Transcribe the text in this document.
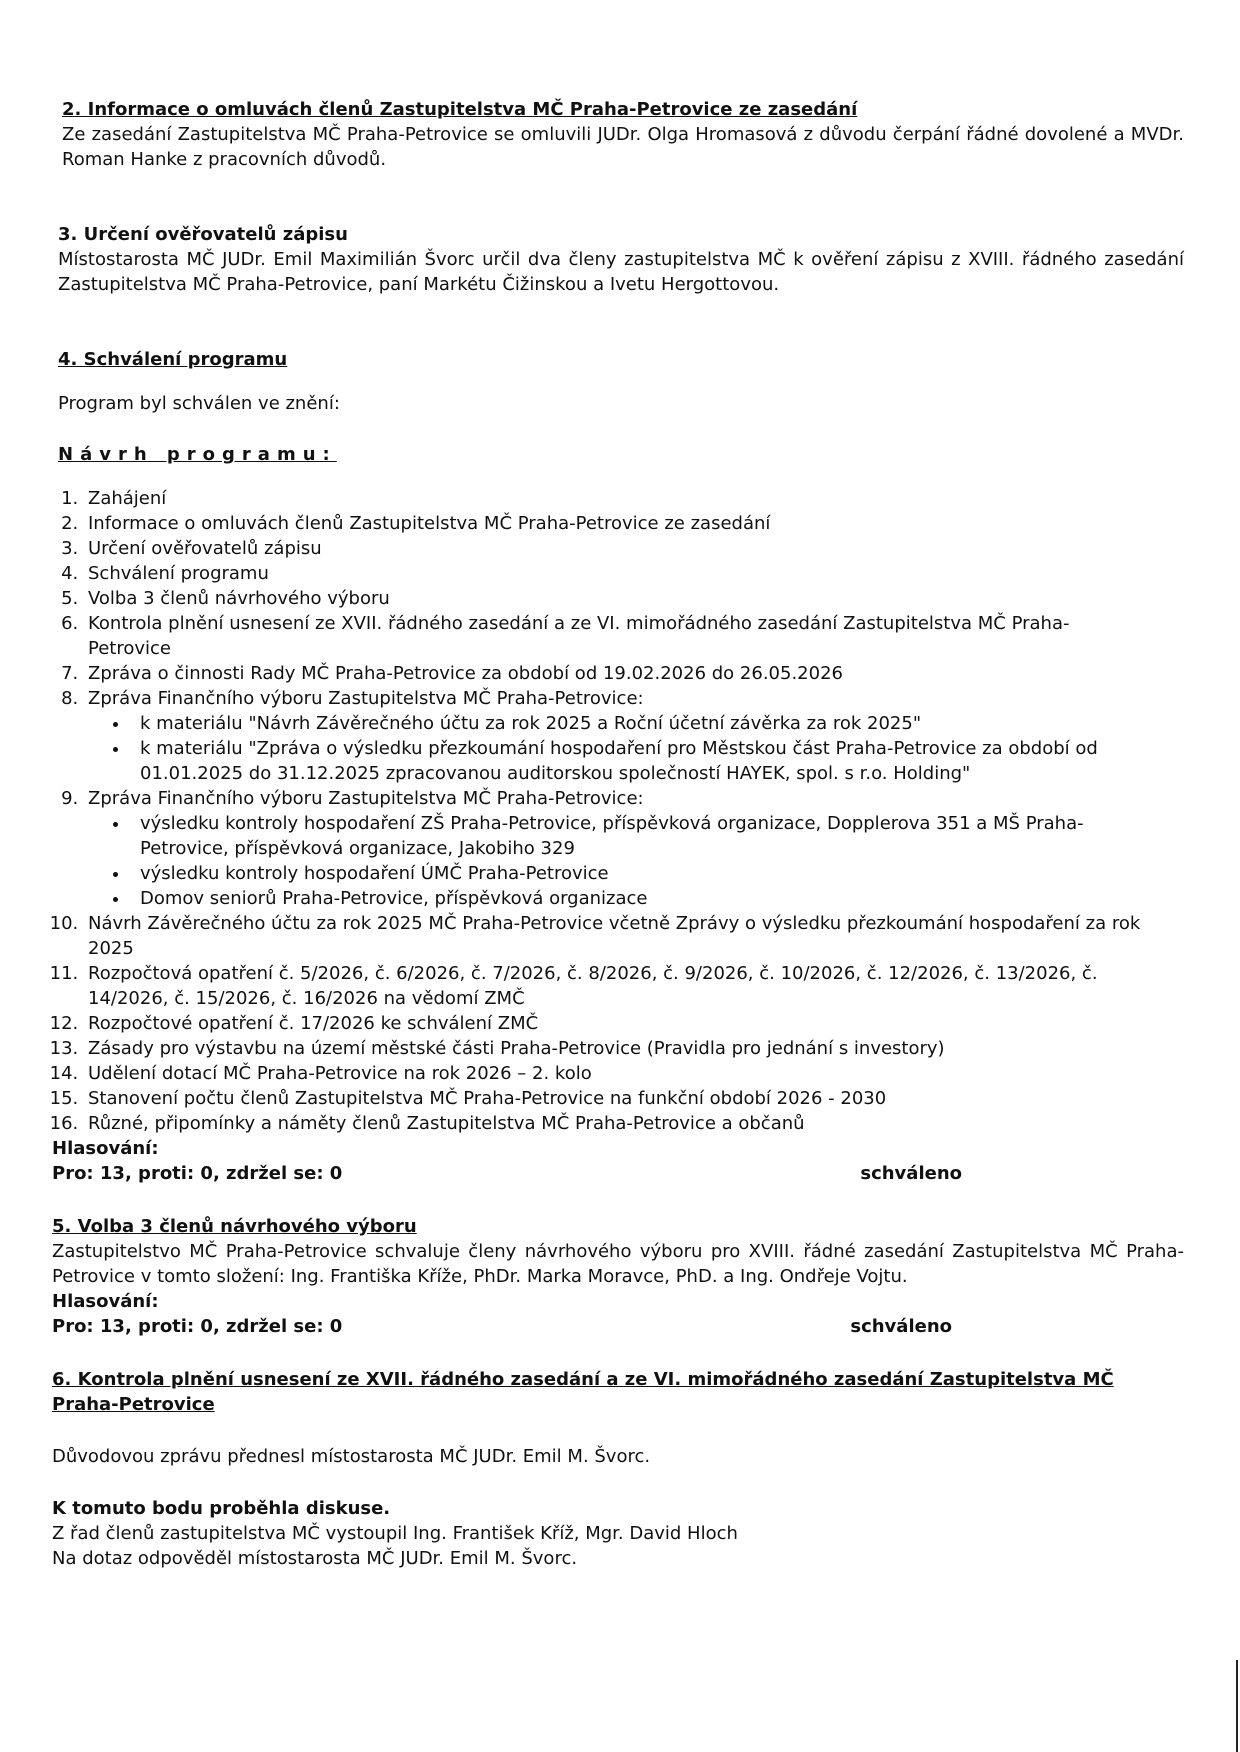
2. Informace o omluvách členů Zastupitelstva MČ Praha-Petrovice ze zasedání
Ze zasedání Zastupitelstva MČ Praha-Petrovice se omluvili JUDr. Olga Hromasová z důvodu čerpání řádné dovolené a MVDr. Roman Hanke z pracovních důvodů.
3. Určení ověřovatelů zápisu
Místostarosta MČ JUDr. Emil Maximilián Švorc určil dva členy zastupitelstva MČ k ověření zápisu z XVIII. řádného zasedání Zastupitelstva MČ Praha-Petrovice, paní Markétu Čižinskou a Ivetu Hergottovou.
4. Schválení programu
Program byl schválen ve znění:
Návrh programu:
1. Zahájení
2. Informace o omluvách členů Zastupitelstva MČ Praha-Petrovice ze zasedání
3. Určení ověřovatelů zápisu
4. Schválení programu
5. Volba 3 členů návrhového výboru
6. Kontrola plnění usnesení ze XVII. řádného zasedání a ze VI. mimořádného zasedání Zastupitelstva MČ Praha-Petrovice
7. Zpráva o činnosti Rady MČ Praha-Petrovice za období od 19.02.2026 do 26.05.2026
8. Zpráva Finančního výboru Zastupitelstva MČ Praha-Petrovice:
• k materiálu "Návrh Závěrečného účtu za rok 2025 a Roční účetní závěrka za rok 2025"
• k materiálu "Zpráva o výsledku přezkoumání hospodaření pro Městskou část Praha-Petrovice za období od 01.01.2025 do 31.12.2025 zpracovanou auditorskou společností HAYEK, spol. s r.o. Holding"
9. Zpráva Finančního výboru Zastupitelstva MČ Praha-Petrovice:
• výsledku kontroly hospodaření ZŠ Praha-Petrovice, příspěvková organizace, Dopplerova 351 a MŠ Praha-Petrovice, příspěvková organizace, Jakobiho 329
• výsledku kontroly hospodaření ÚMČ Praha-Petrovice
• Domov seniorů Praha-Petrovice, příspěvková organizace
10. Návrh Závěrečného účtu za rok 2025 MČ Praha-Petrovice včetně Zprávy o výsledku přezkoumání hospodaření za rok 2025
11. Rozpočtová opatření č. 5/2026, č. 6/2026, č. 7/2026, č. 8/2026, č. 9/2026, č. 10/2026, č. 12/2026, č. 13/2026, č. 14/2026, č. 15/2026, č. 16/2026 na vědomí ZMČ
12. Rozpočtové opatření č. 17/2026 ke schválení ZMČ
13. Zásady pro výstavbu na území městské části Praha-Petrovice (Pravidla pro jednání s investory)
14. Udělení dotací MČ Praha-Petrovice na rok 2026 – 2. kolo
15. Stanovení počtu členů Zastupitelstva MČ Praha-Petrovice na funkční období 2026 - 2030
16. Různé, připomínky a náměty členů Zastupitelstva MČ Praha-Petrovice a občanů
Hlasování:
Pro: 13, proti: 0, zdržel se: 0	schváleno
5. Volba 3 členů návrhového výboru
Zastupitelstvo MČ Praha-Petrovice schvaluje členy návrhového výboru pro XVIII. řádné zasedání Zastupitelstva MČ Praha-Petrovice v tomto složení: Ing. Františka Kříže, PhDr. Marka Moravce, PhD. a Ing. Ondřeje Vojtu.
Hlasování:
Pro: 13, proti: 0, zdržel se: 0	schváleno
6. Kontrola plnění usnesení ze XVII. řádného zasedání a ze VI. mimořádného zasedání Zastupitelstva MČ Praha-Petrovice
Důvodovou zprávu přednesl místostarosta MČ JUDr. Emil M. Švorc.
K tomuto bodu proběhla diskuse.
Z řad členů zastupitelstva MČ vystoupil Ing. František Kříž, Mgr. David Hloch
Na dotaz odpověděl místostarosta MČ JUDr. Emil M. Švorc.
